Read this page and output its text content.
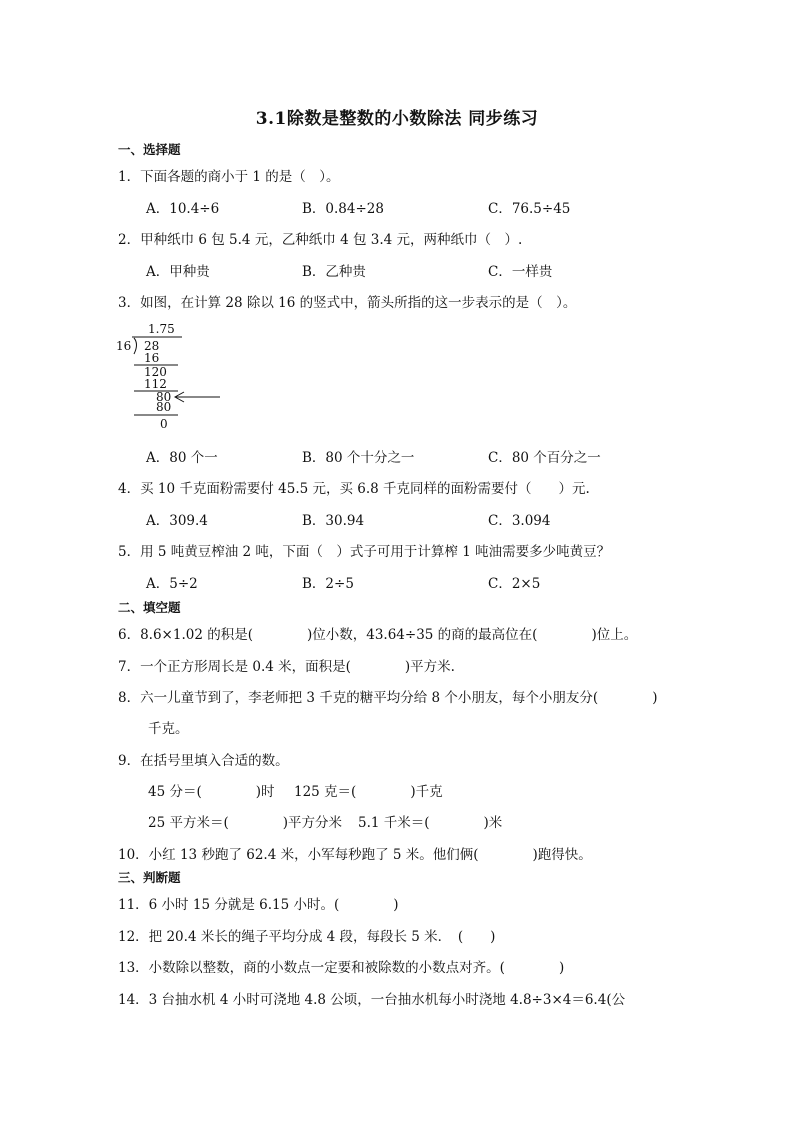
3.1除数是整数的小数除法 同步练习
一、选择题
1．下面各题的商小于 1 的是（　）。
A．10.4÷6	B．0.84÷28	C．76.5÷45
2．甲种纸巾 6 包 5.4 元，乙种纸巾 4 包 3.4 元，两种纸巾（　）.
A．甲种贵	B．乙种贵	C．一样贵
3．如图，在计算 28 除以 16 的竖式中，箭头所指的这一步表示的是（　）。
1.75
16 28
16
120
112
80
80
0
A．80 个一	B．80 个十分之一	C．80 个百分之一
4．买 10 千克面粉需要付 45.5 元，买 6.8 千克同样的面粉需要付（　　）元.
A．309.4	B．30.94	C．3.094
5．用 5 吨黄豆榨油 2 吨，下面（　）式子可用于计算榨 1 吨油需要多少吨黄豆？
A．5÷2	B．2÷5	C．2×5
二、填空题
6．8.6×1.02 的积是(　　　　)位小数，43.64÷35 的商的最高位在(　　　　)位上。
7．一个正方形周长是 0.4 米，面积是(　　　　)平方米.
8．六一儿童节到了，李老师把 3 千克的糖平均分给 8 个小朋友，每个小朋友分(　　　　)
千克。
9．在括号里填入合适的数。
45 分＝(　　　　)时 125 克＝(　　　　)千克
25 平方米＝(　　　　)平方分米 5.1 千米＝(　　　　)米
10．小红 13 秒跑了 62.4 米，小军每秒跑了 5 米。他们俩(　　　　)跑得快。
三、判断题
11．6 小时 15 分就是 6.15 小时。(　　　　)
12．把 20.4 米长的绳子平均分成 4 段，每段长 5 米．　(　　)
13．小数除以整数，商的小数点一定要和被除数的小数点对齐。(　　　　)
14．3 台抽水机 4 小时可浇地 4.8 公顷，一台抽水机每小时浇地 4.8÷3×4＝6.4(公
